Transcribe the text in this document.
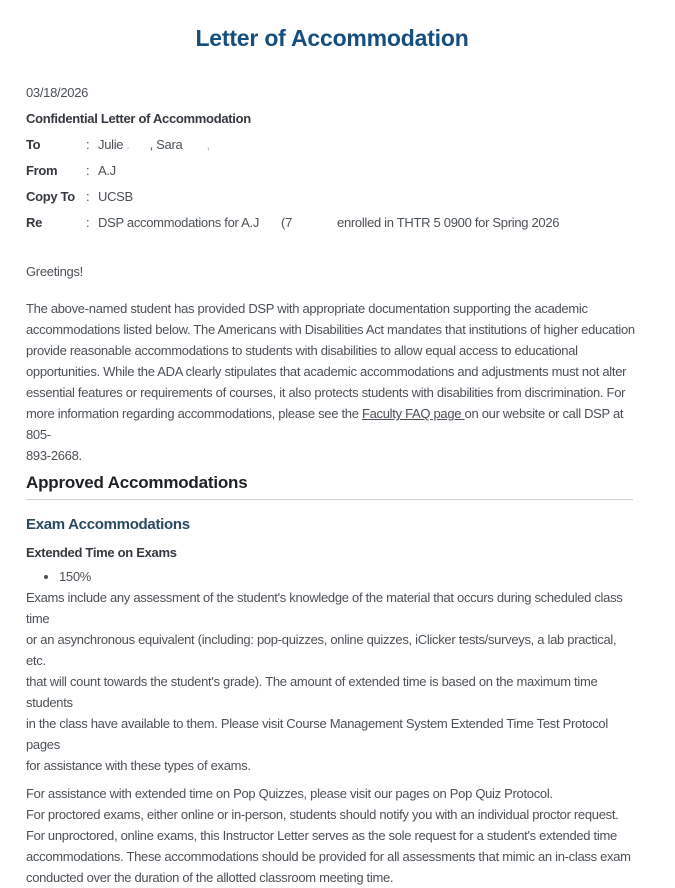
Letter of Accommodation
03/18/2026
Confidential Letter of Accommodation
To	: Julie . , Sara ,
From	: A.J
Copy To : UCSB
Re	: DSP accommodations for A.J (7	enrolled in THTR 5 0900 for Spring 2026

Greetings!

The above-named student has provided DSP with appropriate documentation supporting the academic
accommodations listed below. The Americans with Disabilities Act mandates that institutions of higher education
provide reasonable accommodations to students with disabilities to allow equal access to educational
opportunities. While the ADA clearly stipulates that academic accommodations and adjustments must not alter
essential features or requirements of courses, it also protects students with disabilities from discrimination. For
more information regarding accommodations, please see the Faculty FAQ page on our website or call DSP at 805-
893-2668.

Approved Accommodations
Exam Accommodations
Extended Time on Exams
• 150%

Exams include any assessment of the student's knowledge of the material that occurs during scheduled class time
or an asynchronous equivalent (including: pop-quizzes, online quizzes, iClicker tests/surveys, a lab practical, etc.
that will count towards the student's grade). The amount of extended time is based on the maximum time students
in the class have available to them. Please visit Course Management System Extended Time Test Protocol pages
for assistance with these types of exams.

For assistance with extended time on Pop Quizzes, please visit our pages on Pop Quiz Protocol.
For proctored exams, either online or in-person, students should notify you with an individual proctor request.
For unproctored, online exams, this Instructor Letter serves as the sole request for a student's extended time
accommodations. These accommodations should be provided for all assessments that mimic an in-class exam
conducted over the duration of the allotted classroom meeting time.
